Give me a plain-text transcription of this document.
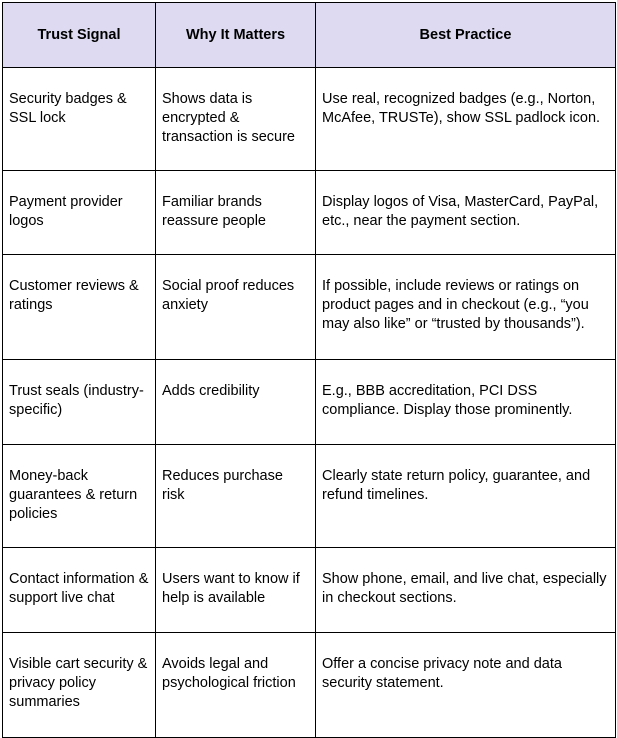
Trust Signal	Why It Matters	Best Practice
Security badges & SSL lock	Shows data is encrypted & transaction is secure	Use real, recognized badges (e.g., Norton, McAfee, TRUSTe), show SSL padlock icon.
Payment provider logos	Familiar brands reassure people	Display logos of Visa, MasterCard, PayPal, etc., near the payment section.
Customer reviews & ratings	Social proof reduces anxiety	If possible, include reviews or ratings on product pages and in checkout (e.g., “you may also like” or “trusted by thousands”).
Trust seals (industry-specific)	Adds credibility	E.g., BBB accreditation, PCI DSS compliance. Display those prominently.
Money-back guarantees & return policies	Reduces purchase risk	Clearly state return policy, guarantee, and refund timelines.
Contact information & support live chat	Users want to know if help is available	Show phone, email, and live chat, especially in checkout sections.
Visible cart security & privacy policy summaries	Avoids legal and psychological friction	Offer a concise privacy note and data security statement.
